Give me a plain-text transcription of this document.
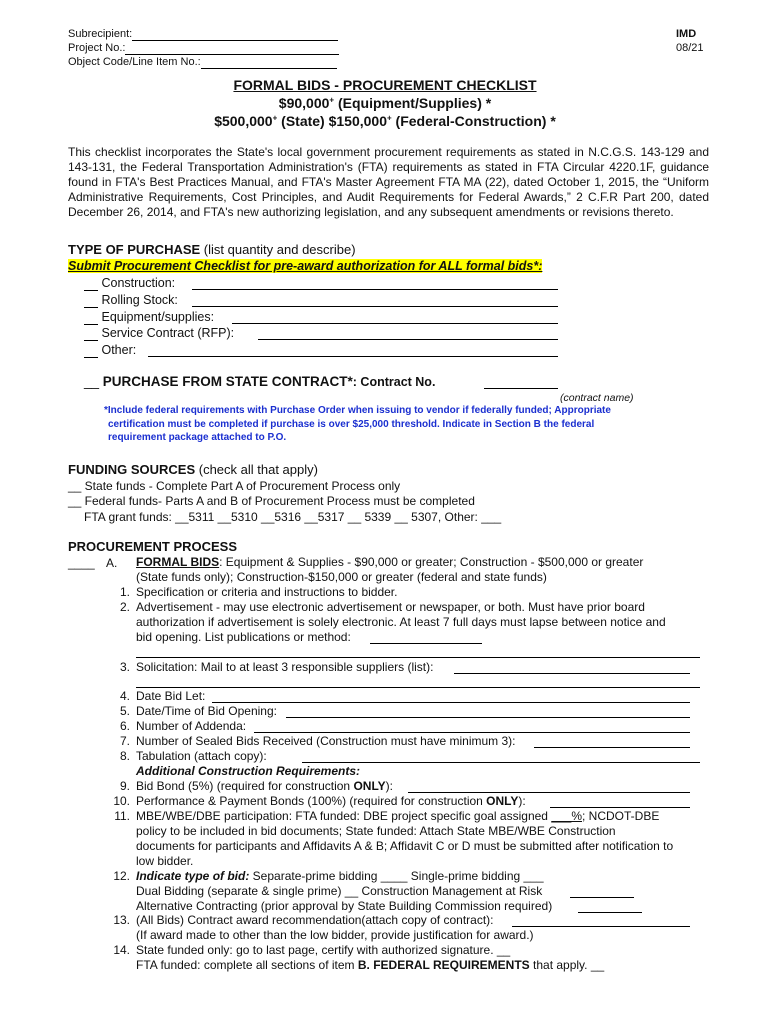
Subrecipient:
Project No.:
Object Code/Line Item No.:
IMD
08/21
FORMAL BIDS - PROCUREMENT CHECKLIST
$90,000+ (Equipment/Supplies) *
$500,000+ (State) $150,000+ (Federal-Construction) *
This checklist incorporates the State's local government procurement requirements as stated in N.C.G.S. 143-129 and 143-131, the Federal Transportation Administration's (FTA) requirements as stated in FTA Circular 4220.1F, guidance found in FTA's Best Practices Manual, and FTA's Master Agreement FTA MA (22), dated October 1, 2015, the “Uniform Administrative Requirements, Cost Principles, and Audit Requirements for Federal Awards,” 2 C.F.R Part 200, dated December 26, 2014, and FTA's new authorizing legislation, and any subsequent amendments or revisions thereto.
TYPE OF PURCHASE (list quantity and describe)
Submit Procurement Checklist for pre-award authorization for ALL formal bids*:
Construction:
Rolling Stock:
Equipment/supplies:
Service Contract (RFP):
Other:
__ PURCHASE FROM STATE CONTRACT*: Contract No.
(contract name)
*Include federal requirements with Purchase Order when issuing to vendor if federally funded; Appropriate
certification must be completed if purchase is over $25,000 threshold. Indicate in Section B the federal
requirement package attached to P.O.
FUNDING SOURCES (check all that apply)
__ State funds - Complete Part A of Procurement Process only
__ Federal funds- Parts A and B of Procurement Process must be completed
FTA grant funds: __5311 __5310 __5316 __5317 __ 5339 __ 5307, Other: ___
PROCUREMENT PROCESS
____ A. FORMAL BIDS: Equipment & Supplies - $90,000 or greater; Construction - $500,000 or greater
(State funds only); Construction-$150,000 or greater (federal and state funds)
1. Specification or criteria and instructions to bidder.
2. Advertisement - may use electronic advertisement or newspaper, or both. Must have prior board
authorization if advertisement is solely electronic. At least 7 full days must lapse between notice and
bid opening. List publications or method:
3. Solicitation: Mail to at least 3 responsible suppliers (list):
4. Date Bid Let:
5. Date/Time of Bid Opening:
6. Number of Addenda:
7. Number of Sealed Bids Received (Construction must have minimum 3):
8. Tabulation (attach copy):
Additional Construction Requirements:
9. Bid Bond (5%) (required for construction ONLY):
10. Performance & Payment Bonds (100%) (required for construction ONLY):
11. MBE/WBE/DBE participation: FTA funded: DBE project specific goal assigned ___%; NCDOT-DBE
policy to be included in bid documents; State funded: Attach State MBE/WBE Construction
documents for participants and Affidavits A & B; Affidavit C or D must be submitted after notification to
low bidder.
12. Indicate type of bid: Separate-prime bidding ____ Single-prime bidding ___
Dual Bidding (separate & single prime) __ Construction Management at Risk
Alternative Contracting (prior approval by State Building Commission required)
13. (All Bids) Contract award recommendation(attach copy of contract):
(If award made to other than the low bidder, provide justification for award.)
14. State funded only: go to last page, certify with authorized signature. __
FTA funded: complete all sections of item B. FEDERAL REQUIREMENTS that apply. __
